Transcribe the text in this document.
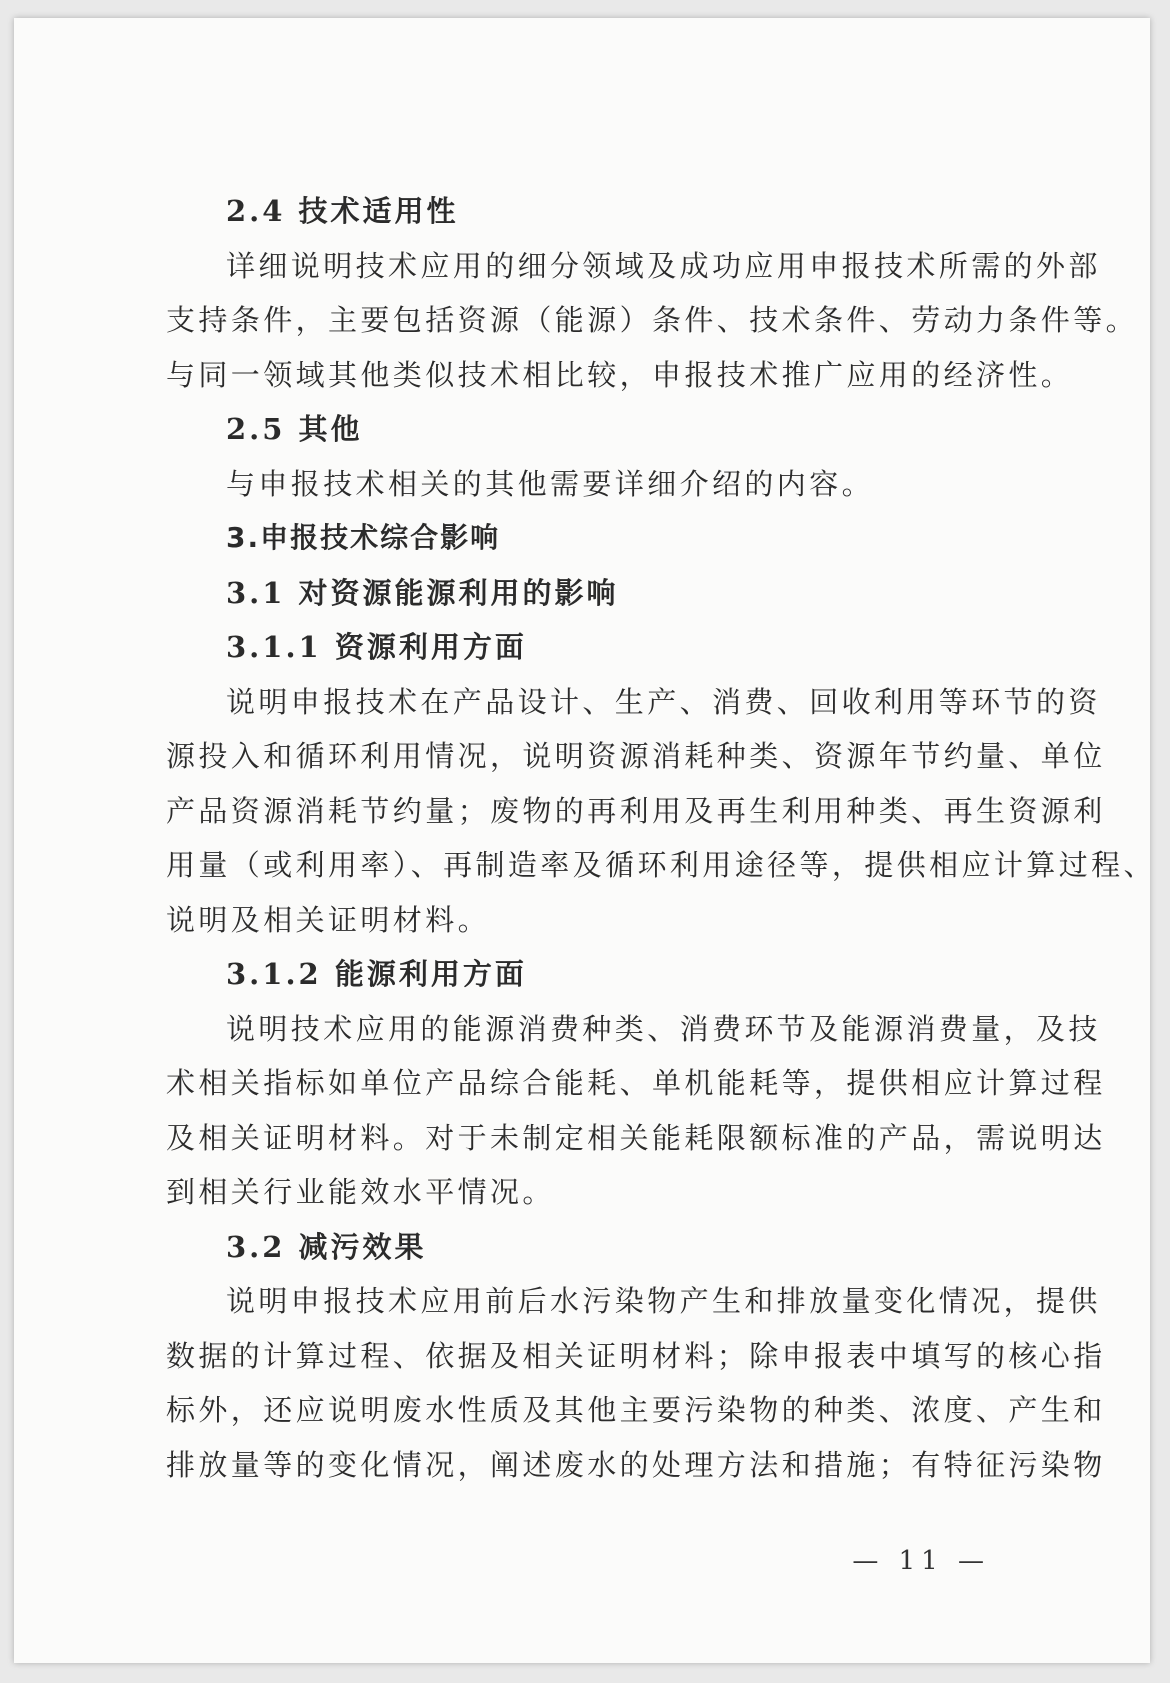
2.4 技术适用性
详细说明技术应用的细分领域及成功应用申报技术所需的外部
支持条件，主要包括资源（能源）条件、技术条件、劳动力条件等。
与同一领域其他类似技术相比较，申报技术推广应用的经济性。
2.5 其他
与申报技术相关的其他需要详细介绍的内容。
3.申报技术综合影响
3.1 对资源能源利用的影响
3.1.1 资源利用方面
说明申报技术在产品设计、生产、消费、回收利用等环节的资
源投入和循环利用情况，说明资源消耗种类、资源年节约量、单位
产品资源消耗节约量；废物的再利用及再生利用种类、再生资源利
用量（或利用率）、再制造率及循环利用途径等，提供相应计算过程、
说明及相关证明材料。
3.1.2 能源利用方面
说明技术应用的能源消费种类、消费环节及能源消费量，及技
术相关指标如单位产品综合能耗、单机能耗等，提供相应计算过程
及相关证明材料。对于未制定相关能耗限额标准的产品，需说明达
到相关行业能效水平情况。
3.2 减污效果
说明申报技术应用前后水污染物产生和排放量变化情况，提供
数据的计算过程、依据及相关证明材料；除申报表中填写的核心指
标外，还应说明废水性质及其他主要污染物的种类、浓度、产生和
排放量等的变化情况，阐述废水的处理方法和措施；有特征污染物
— 11 —
